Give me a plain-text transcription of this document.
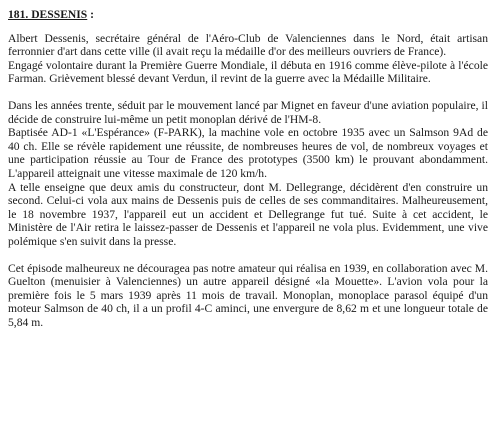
181. DESSENIS :

Albert Dessenis, secrétaire général de l'Aéro-Club de Valenciennes dans le Nord, était artisan ferronnier d'art dans cette ville (il avait reçu la médaille d'or des meilleurs ouvriers de France).

Engagé volontaire durant la Première Guerre Mondiale, il débuta en 1916 comme élève-pilote à l'école Farman. Grièvement blessé devant Verdun, il revint de la guerre avec la Médaille Militaire.

Dans les années trente, séduit par le mouvement lancé par Mignet en faveur d'une aviation populaire, il décide de construire lui-même un petit monoplan dérivé de l'HM-8.

Baptisée AD-1 «L'Espérance» (F-PARK), la machine vole en octobre 1935 avec un Salmson 9Ad de 40 ch. Elle se révèle rapidement une réussite, de nombreuses heures de vol, de nombreux voyages et une participation réussie au Tour de France des prototypes (3500 km) le prouvant abondamment. L'appareil atteignait une vitesse maximale de 120 km/h.

A telle enseigne que deux amis du constructeur, dont M. Dellegrange, décidèrent d'en construire un second. Celui-ci vola aux mains de Dessenis puis de celles de ses commanditaires. Malheureusement, le 18 novembre 1937, l'appareil eut un accident et Dellegrange fut tué. Suite à cet accident, le Ministère de l'Air retira le laissez-passer de Dessenis et l'appareil ne vola plus. Evidemment, une vive polémique s'en suivit dans la presse.

Cet épisode malheureux ne découragea pas notre amateur qui réalisa en 1939, en collaboration avec M. Guelton (menuisier à Valenciennes) un autre appareil désigné «la Mouette». L'avion vola pour la première fois le 5 mars 1939 après 11 mois de travail. Monoplan, monoplace parasol équipé d'un moteur Salmson de 40 ch, il a un profil 4-C aminci, une envergure de 8,62 m et une longueur totale de 5,84 m.
